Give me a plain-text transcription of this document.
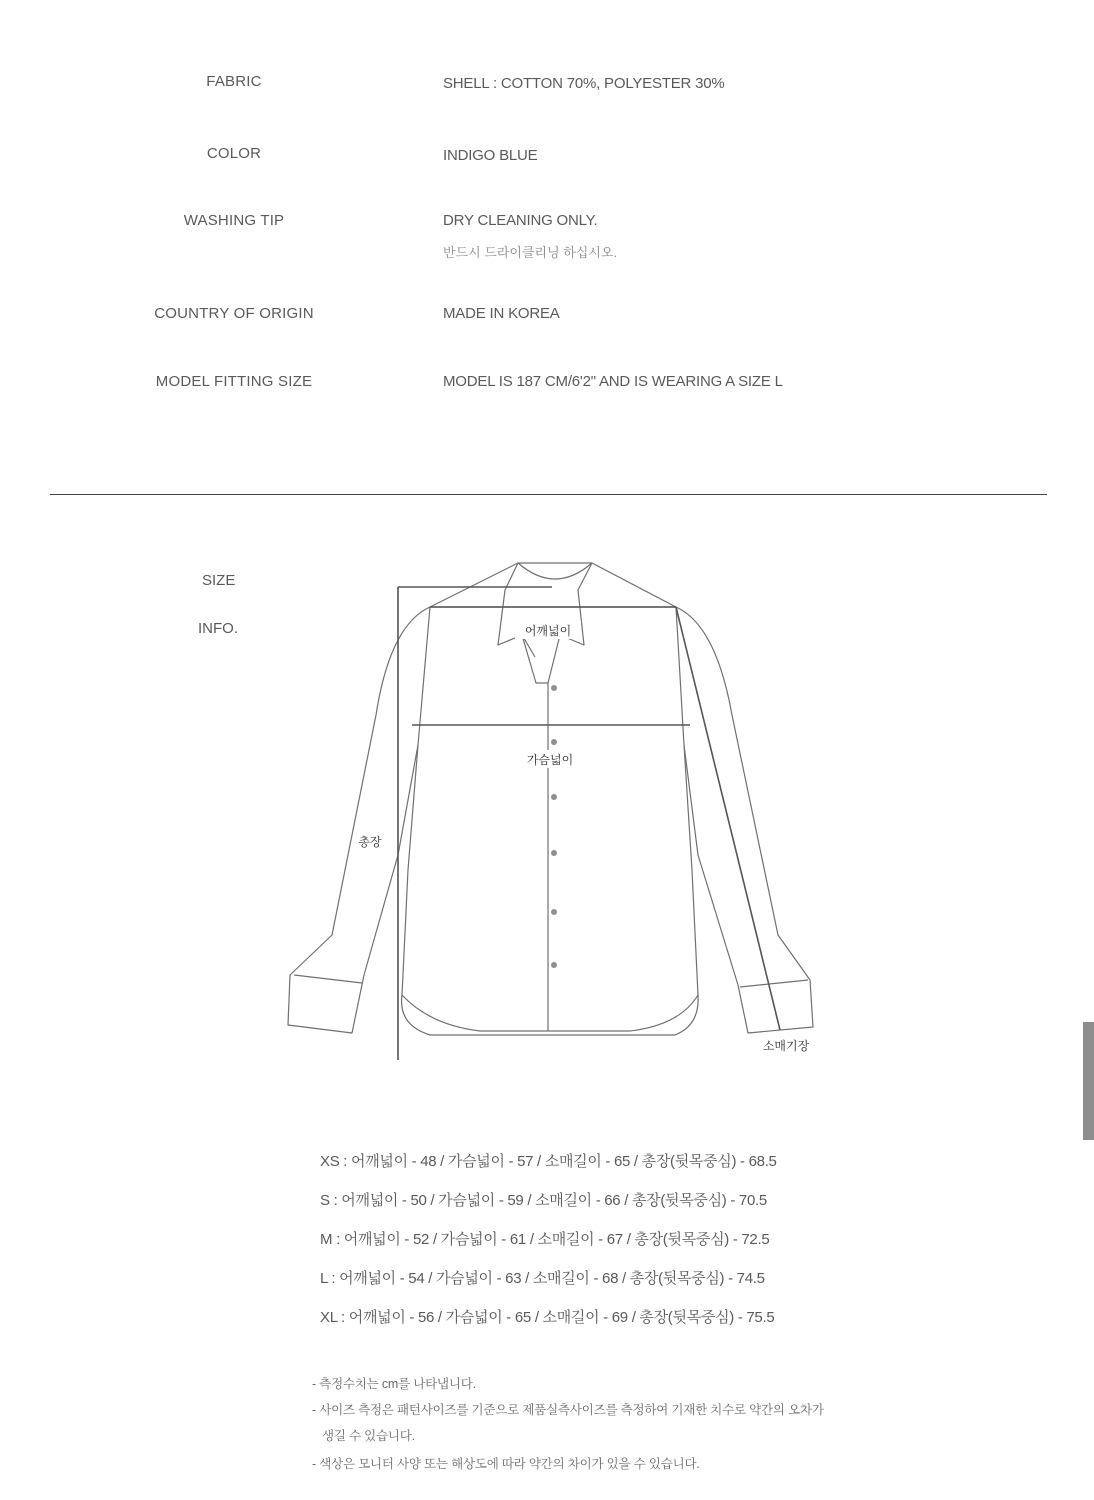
FABRIC	SHELL : COTTON 70%, POLYESTER 30%
COLOR	INDIGO BLUE
WASHING TIP	DRY CLEANING ONLY.
반드시 드라이클리닝 하십시오.
COUNTRY OF ORIGIN	MADE IN KOREA
MODEL FITTING SIZE	MODEL IS 187 CM/6'2" AND IS WEARING A SIZE L
SIZE
INFO.	어깨넓이
가슴넓이
총장
소매기장
XS : 어깨넓이 - 48 / 가슴넓이 - 57 / 소매길이 - 65 / 총장(뒷목중심) - 68.5
S : 어깨넓이 - 50 / 가슴넓이 - 59 / 소매길이 - 66 / 총장(뒷목중심) - 70.5
M : 어깨넓이 - 52 / 가슴넓이 - 61 / 소매길이 - 67 / 총장(뒷목중심) - 72.5
L : 어깨넓이 - 54 / 가슴넓이 - 63 / 소매길이 - 68 / 총장(뒷목중심) - 74.5
XL : 어깨넓이 - 56 / 가슴넓이 - 65 / 소매길이 - 69 / 총장(뒷목중심) - 75.5
- 측정수치는 cm를 나타냅니다.
- 사이즈 측정은 패턴사이즈를 기준으로 제품실측사이즈를 측정하여 기재한 치수로 약간의 오차가
생길 수 있습니다.
- 색상은 모니터 사양 또는 해상도에 따라 약간의 차이가 있을 수 있습니다.
